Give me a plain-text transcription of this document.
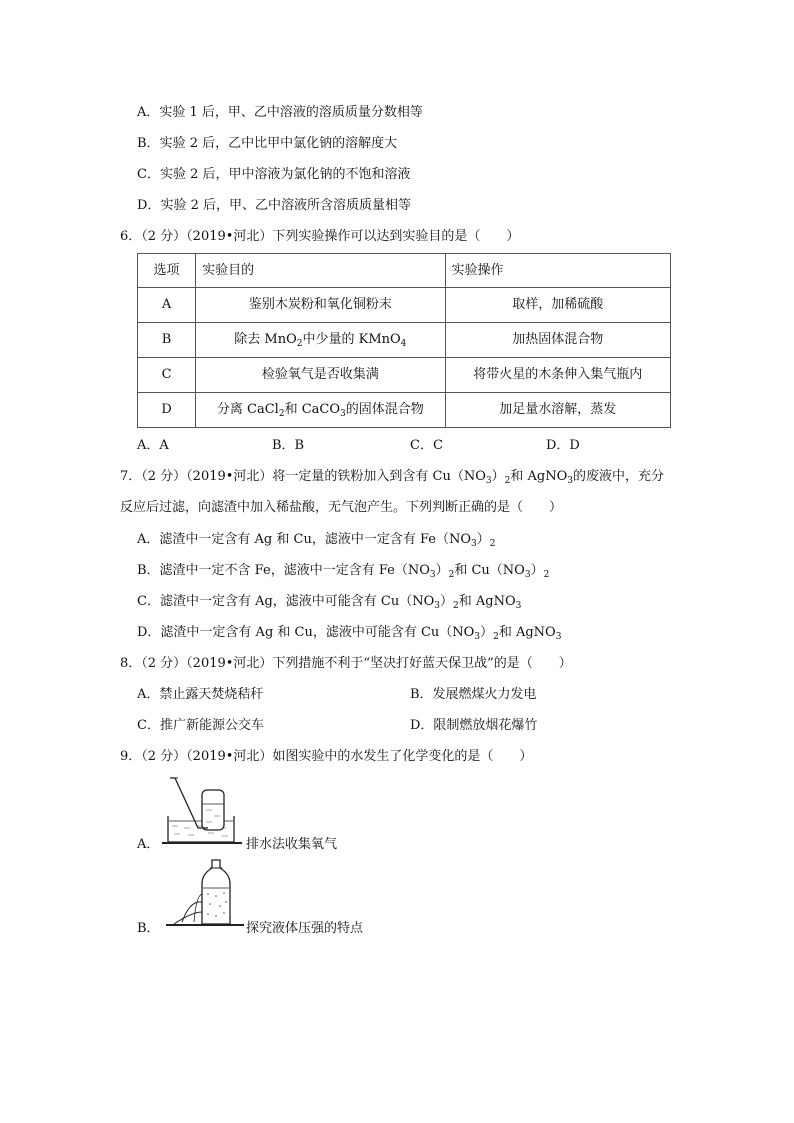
A．实验 1 后，甲、乙中溶液的溶质质量分数相等
B．实验 2 后，乙中比甲中氯化钠的溶解度大
C．实验 2 后，甲中溶液为氯化钠的不饱和溶液
D．实验 2 后，甲、乙中溶液所含溶质质量相等
6．（2 分）（2019•河北）下列实验操作可以达到实验目的是（　　）
选项	实验目的	实验操作
A	鉴别木炭粉和氧化铜粉末	取样，加稀硫酸
B	除去 MnO$_2$中少量的 KMnO$_4$	加热固体混合物
C	检验氧气是否收集满	将带火星的木条伸入集气瓶内
D	分离 CaCl$_2$和 CaCO$_3$的固体混合物	加足量水溶解，蒸发
A．A	B．B	C．C	D．D
7．（2 分）（2019•河北）将一定量的铁粉加入到含有 $Cu(NO_3)_2$和 AgNO$_3$的废液中，充分
反应后过滤，向滤渣中加入稀盐酸，无气泡产生。下列判断正确的是（　　）
A．滤渣中一定含有 Ag 和 Cu，滤液中一定含有 $Fe(NO_3)_2$
B．滤渣中一定不含 Fe，滤液中一定含有 $Fe(NO_3)_2$和 $Cu(NO_3)_2$
C．滤渣中一定含有 Ag，滤液中可能含有 $Cu(NO_3)_2$和 AgNO$_3$
D．滤渣中一定含有 Ag 和 Cu，滤液中可能含有 $Cu(NO_3)_2$和 AgNO$_3$
8．（2 分）（2019•河北）下列措施不利于“坚决打好蓝天保卫战”的是（　　）
A．禁止露天焚烧秸秆	B．发展燃煤火力发电
C．推广新能源公交车	D．限制燃放烟花爆竹
9．（2 分）（2019•河北）如图实验中的水发生了化学变化的是（　　）
A．	排水法收集氧气
B．	探究液体压强的特点
